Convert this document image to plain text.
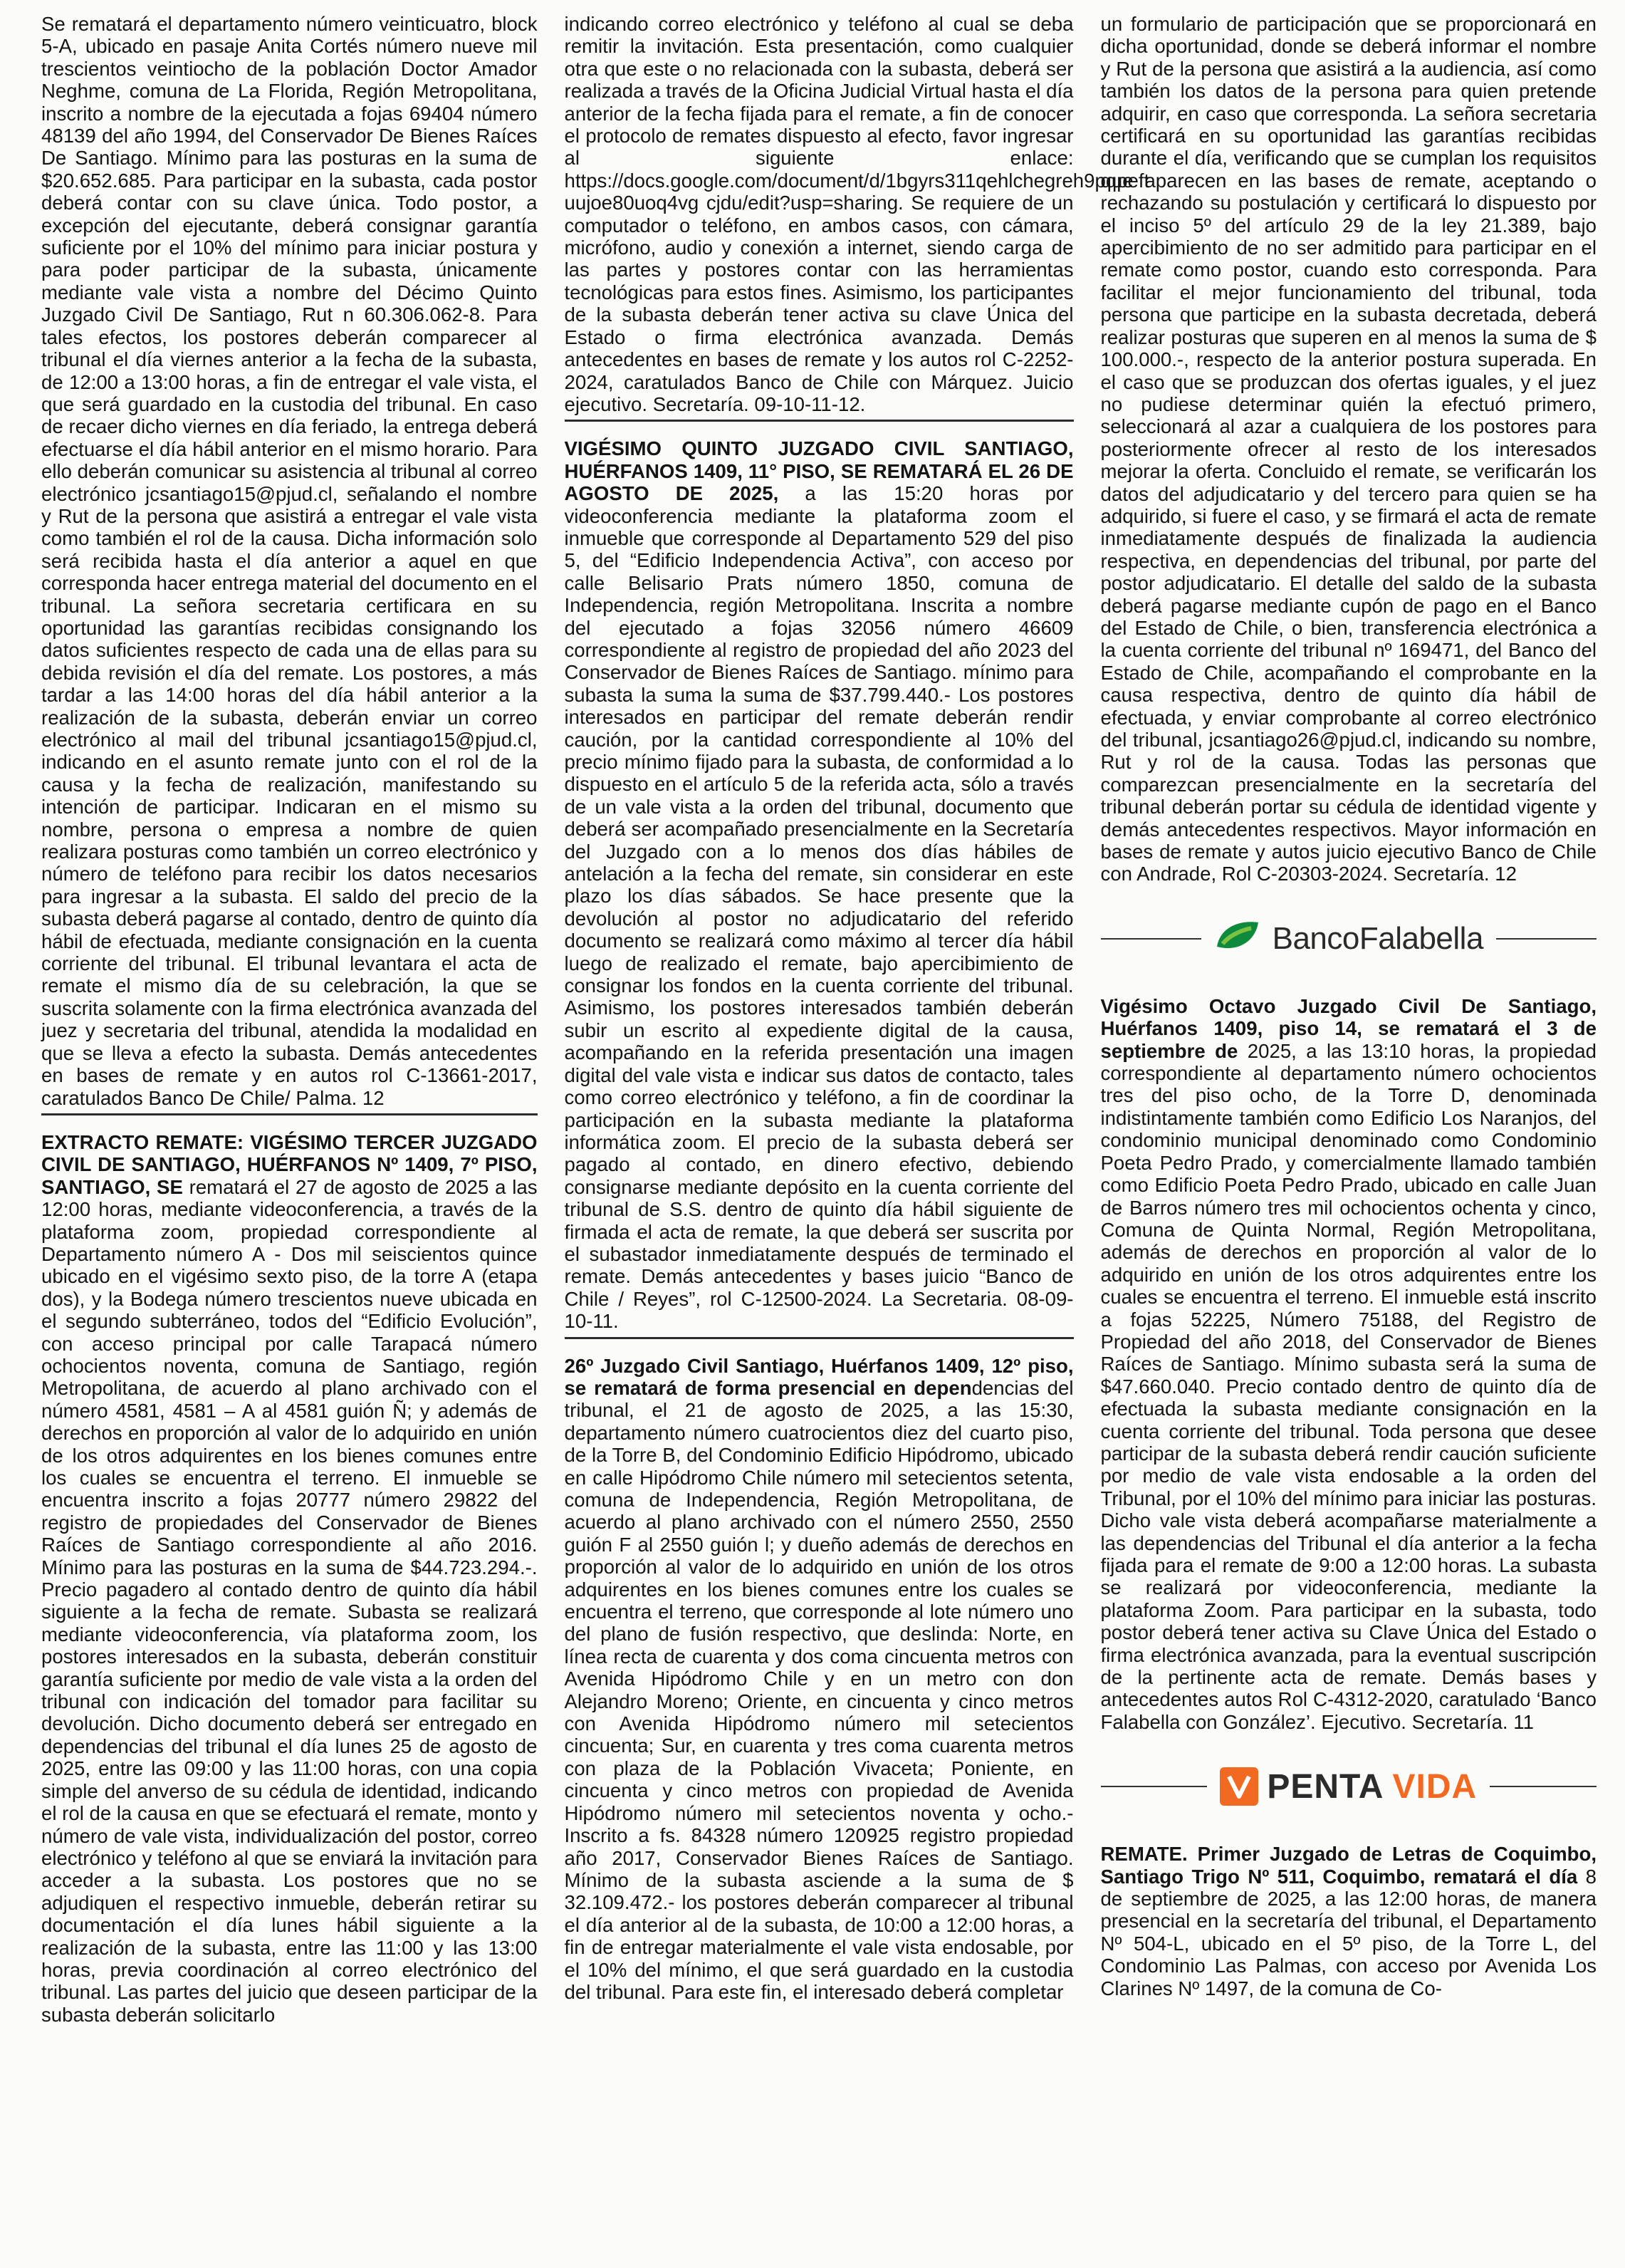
Se rematará el departamento número veinticuatro, block 5-A, ubicado en pasaje Anita Cortés número nueve mil trescientos veintiocho de la población Doctor Amador Neghme, comuna de La Florida, Región Metropolitana, inscrito a nombre de la ejecutada a fojas 69404 número 48139 del año 1994, del Conservador De Bienes Raíces De Santiago. Mínimo para las posturas en la suma de $20.652.685. Para participar en la subasta, cada postor deberá contar con su clave única. Todo postor, a excepción del ejecutante, deberá consignar garantía suficiente por el 10% del mínimo para iniciar postura y para poder participar de la subasta, únicamente mediante vale vista a nombre del Décimo Quinto Juzgado Civil De Santiago, Rut n 60.306.062-8. Para tales efectos, los postores deberán comparecer al tribunal el día viernes anterior a la fecha de la subasta, de 12:00 a 13:00 horas, a fin de entregar el vale vista, el que será guardado en la custodia del tribunal. En caso de recaer dicho viernes en día feriado, la entrega deberá efectuarse el día hábil anterior en el mismo horario. Para ello deberán comunicar su asistencia al tribunal al correo electrónico jcsantiago15@pjud.cl, señalando el nombre y Rut de la persona que asistirá a entregar el vale vista como también el rol de la causa. Dicha información solo será recibida hasta el día anterior a aquel en que corresponda hacer entrega material del documento en el tribunal. La señora secretaria certificara en su oportunidad las garantías recibidas consignando los datos suficientes respecto de cada una de ellas para su debida revisión el día del remate. Los postores, a más tardar a las 14:00 horas del día hábil anterior a la realización de la subasta, deberán enviar un correo electrónico al mail del tribunal jcsantiago15@pjud.cl, indicando en el asunto remate junto con el rol de la causa y la fecha de realización, manifestando su intención de participar. Indicaran en el mismo su nombre, persona o empresa a nombre de quien realizara posturas como también un correo electrónico y número de teléfono para recibir los datos necesarios para ingresar a la subasta. El saldo del precio de la subasta deberá pagarse al contado, dentro de quinto día hábil de efectuada, mediante consignación en la cuenta corriente del tribunal. El tribunal levantara el acta de remate el mismo día de su celebración, la que se suscrita solamente con la firma electrónica avanzada del juez y secretaria del tribunal, atendida la modalidad en que se lleva a efecto la subasta. Demás antecedentes en bases de remate y en autos rol C-13661-2017, caratulados Banco De Chile/ Palma. 12

EXTRACTO REMATE: VIGÉSIMO TERCER JUZGADO CIVIL DE SANTIAGO, HUÉRFANOS Nº 1409, 7º PISO, SANTIAGO, SE rematará el 27 de agosto de 2025 a las 12:00 horas, mediante videoconferencia, a través de la plataforma zoom, propiedad correspondiente al Departamento número A - Dos mil seiscientos quince ubicado en el vigésimo sexto piso, de la torre A (etapa dos), y la Bodega número trescientos nueve ubicada en el segundo subterráneo, todos del “Edificio Evolución”, con acceso principal por calle Tarapacá número ochocientos noventa, comuna de Santiago, región Metropolitana, de acuerdo al plano archivado con el número 4581, 4581 – A al 4581 guión Ñ; y además de derechos en proporción al valor de lo adquirido en unión de los otros adquirentes en los bienes comunes entre los cuales se encuentra el terreno. El inmueble se encuentra inscrito a fojas 20777 número 29822 del registro de propiedades del Conservador de Bienes Raíces de Santiago correspondiente al año 2016. Mínimo para las posturas en la suma de $44.723.294.-. Precio pagadero al contado dentro de quinto día hábil siguiente a la fecha de remate. Subasta se realizará mediante videoconferencia, vía plataforma zoom, los postores interesados en la subasta, deberán constituir garantía suficiente por medio de vale vista a la orden del tribunal con indicación del tomador para facilitar su devolución. Dicho documento deberá ser entregado en dependencias del tribunal el día lunes 25 de agosto de 2025, entre las 09:00 y las 11:00 horas, con una copia simple del anverso de su cédula de identidad, indicando el rol de la causa en que se efectuará el remate, monto y número de vale vista, individualización del postor, correo electrónico y teléfono al que se enviará la invitación para acceder a la subasta. Los postores que no se adjudiquen el respectivo inmueble, deberán retirar su documentación el día lunes hábil siguiente a la realización de la subasta, entre las 11:00 y las 13:00 horas, previa coordinación al correo electrónico del tribunal. Las partes del juicio que deseen participar de la subasta deberán solicitarlo

indicando correo electrónico y teléfono al cual se deba remitir la invitación. Esta presentación, como cualquier otra que este o no relacionada con la subasta, deberá ser realizada a través de la Oficina Judicial Virtual hasta el día anterior de la fecha fijada para el remate, a fin de conocer el protocolo de remates dispuesto al efecto, favor ingresar al siguiente enlace: https://docs.google.com/document/d/1bgyrs311qehlchegreh9pqpeft uujoe80uoq4vg cjdu/edit?usp=sharing. Se requiere de un computador o teléfono, en ambos casos, con cámara, micrófono, audio y conexión a internet, siendo carga de las partes y postores contar con las herramientas tecnológicas para estos fines. Asimismo, los participantes de la subasta deberán tener activa su clave Única del Estado o firma electrónica avanzada. Demás antecedentes en bases de remate y los autos rol C-2252-2024, caratulados Banco de Chile con Márquez. Juicio ejecutivo. Secretaría. 09-10-11-12.

VIGÉSIMO QUINTO JUZGADO CIVIL SANTIAGO, HUÉRFANOS 1409, 11° PISO, SE REMATARÁ EL 26 DE AGOSTO DE 2025, a las 15:20 horas por videoconferencia mediante la plataforma zoom el inmueble que corresponde al Departamento 529 del piso 5, del “Edificio Independencia Activa”, con acceso por calle Belisario Prats número 1850, comuna de Independencia, región Metropolitana. Inscrita a nombre del ejecutado a fojas 32056 número 46609 correspondiente al registro de propiedad del año 2023 del Conservador de Bienes Raíces de Santiago. mínimo para subasta la suma la suma de $37.799.440.- Los postores interesados en participar del remate deberán rendir caución, por la cantidad correspondiente al 10% del precio mínimo fijado para la subasta, de conformidad a lo dispuesto en el artículo 5 de la referida acta, sólo a través de un vale vista a la orden del tribunal, documento que deberá ser acompañado presencialmente en la Secretaría del Juzgado con a lo menos dos días hábiles de antelación a la fecha del remate, sin considerar en este plazo los días sábados. Se hace presente que la devolución al postor no adjudicatario del referido documento se realizará como máximo al tercer día hábil luego de realizado el remate, bajo apercibimiento de consignar los fondos en la cuenta corriente del tribunal. Asimismo, los postores interesados también deberán subir un escrito al expediente digital de la causa, acompañando en la referida presentación una imagen digital del vale vista e indicar sus datos de contacto, tales como correo electrónico y teléfono, a fin de coordinar la participación en la subasta mediante la plataforma informática zoom. El precio de la subasta deberá ser pagado al contado, en dinero efectivo, debiendo consignarse mediante depósito en la cuenta corriente del tribunal de S.S. dentro de quinto día hábil siguiente de firmada el acta de remate, la que deberá ser suscrita por el subastador inmediatamente después de terminado el remate. Demás antecedentes y bases juicio “Banco de Chile / Reyes”, rol C-12500-2024. La Secretaria. 08-09-10-11.

26º Juzgado Civil Santiago, Huérfanos 1409, 12º piso, se rematará de forma presencial en dependencias del tribunal, el 21 de agosto de 2025, a las 15:30, departamento número cuatrocientos diez del cuarto piso, de la Torre B, del Condominio Edificio Hipódromo, ubicado en calle Hipódromo Chile número mil setecientos setenta, comuna de Independencia, Región Metropolitana, de acuerdo al plano archivado con el número 2550, 2550 guión F al 2550 guión l; y dueño además de derechos en proporción al valor de lo adquirido en unión de los otros adquirentes en los bienes comunes entre los cuales se encuentra el terreno, que corresponde al lote número uno del plano de fusión respectivo, que deslinda: Norte, en línea recta de cuarenta y dos coma cincuenta metros con Avenida Hipódromo Chile y en un metro con don Alejandro Moreno; Oriente, en cincuenta y cinco metros con Avenida Hipódromo número mil setecientos cincuenta; Sur, en cuarenta y tres coma cuarenta metros con plaza de la Población Vivaceta; Poniente, en cincuenta y cinco metros con propiedad de Avenida Hipódromo número mil setecientos noventa y ocho.- Inscrito a fs. 84328 número 120925 registro propiedad año 2017, Conservador Bienes Raíces de Santiago. Mínimo de la subasta asciende a la suma de $ 32.109.472.- los postores deberán comparecer al tribunal el día anterior al de la subasta, de 10:00 a 12:00 horas, a fin de entregar materialmente el vale vista endosable, por el 10% del mínimo, el que será guardado en la custodia del tribunal. Para este fin, el interesado deberá completar

un formulario de participación que se proporcionará en dicha oportunidad, donde se deberá informar el nombre y Rut de la persona que asistirá a la audiencia, así como también los datos de la persona para quien pretende adquirir, en caso que corresponda. La señora secretaria certificará en su oportunidad las garantías recibidas durante el día, verificando que se cumplan los requisitos que aparecen en las bases de remate, aceptando o rechazando su postulación y certificará lo dispuesto por el inciso 5º del artículo 29 de la ley 21.389, bajo apercibimiento de no ser admitido para participar en el remate como postor, cuando esto corresponda. Para facilitar el mejor funcionamiento del tribunal, toda persona que participe en la subasta decretada, deberá realizar posturas que superen en al menos la suma de $ 100.000.-, respecto de la anterior postura superada. En el caso que se produzcan dos ofertas iguales, y el juez no pudiese determinar quién la efectuó primero, seleccionará al azar a cualquiera de los postores para posteriormente ofrecer al resto de los interesados mejorar la oferta. Concluido el remate, se verificarán los datos del adjudicatario y del tercero para quien se ha adquirido, si fuere el caso, y se firmará el acta de remate inmediatamente después de finalizada la audiencia respectiva, en dependencias del tribunal, por parte del postor adjudicatario. El detalle del saldo de la subasta deberá pagarse mediante cupón de pago en el Banco del Estado de Chile, o bien, transferencia electrónica a la cuenta corriente del tribunal nº 169471, del Banco del Estado de Chile, acompañando el comprobante en la causa respectiva, dentro de quinto día hábil de efectuada, y enviar comprobante al correo electrónico del tribunal, jcsantiago26@pjud.cl, indicando su nombre, Rut y rol de la causa. Todas las personas que comparezcan presencialmente en la secretaría del tribunal deberán portar su cédula de identidad vigente y demás antecedentes respectivos. Mayor información en bases de remate y autos juicio ejecutivo Banco de Chile con Andrade, Rol C-20303-2024. Secretaría. 12

BancoFalabella

Vigésimo Octavo Juzgado Civil De Santiago, Huérfanos 1409, piso 14, se rematará el 3 de septiembre de 2025, a las 13:10 horas, la propiedad correspondiente al departamento número ochocientos tres del piso ocho, de la Torre D, denominada indistintamente también como Edificio Los Naranjos, del condominio municipal denominado como Condominio Poeta Pedro Prado, y comercialmente llamado también como Edificio Poeta Pedro Prado, ubicado en calle Juan de Barros número tres mil ochocientos ochenta y cinco, Comuna de Quinta Normal, Región Metropolitana, además de derechos en proporción al valor de lo adquirido en unión de los otros adquirentes entre los cuales se encuentra el terreno. El inmueble está inscrito a fojas 52225, Número 75188, del Registro de Propiedad del año 2018, del Conservador de Bienes Raíces de Santiago. Mínimo subasta será la suma de $47.660.040. Precio contado dentro de quinto día de efectuada la subasta mediante consignación en la cuenta corriente del tribunal. Toda persona que desee participar de la subasta deberá rendir caución suficiente por medio de vale vista endosable a la orden del Tribunal, por el 10% del mínimo para iniciar las posturas. Dicho vale vista deberá acompañarse materialmente a las dependencias del Tribunal el día anterior a la fecha fijada para el remate de 9:00 a 12:00 horas. La subasta se realizará por videoconferencia, mediante la plataforma Zoom. Para participar en la subasta, todo postor deberá tener activa su Clave Única del Estado o firma electrónica avanzada, para la eventual suscripción de la pertinente acta de remate. Demás bases y antecedentes autos Rol C-4312-2020, caratulado ‘Banco Falabella con González’. Ejecutivo. Secretaría. 11

PENTA VIDA

REMATE. Primer Juzgado de Letras de Coquimbo, Santiago Trigo Nº 511, Coquimbo, rematará el día 8 de septiembre de 2025, a las 12:00 horas, de manera presencial en la secretaría del tribunal, el Departamento Nº 504-L, ubicado en el 5º piso, de la Torre L, del Condominio Las Palmas, con acceso por Avenida Los Clarines Nº 1497, de la comuna de Co-
